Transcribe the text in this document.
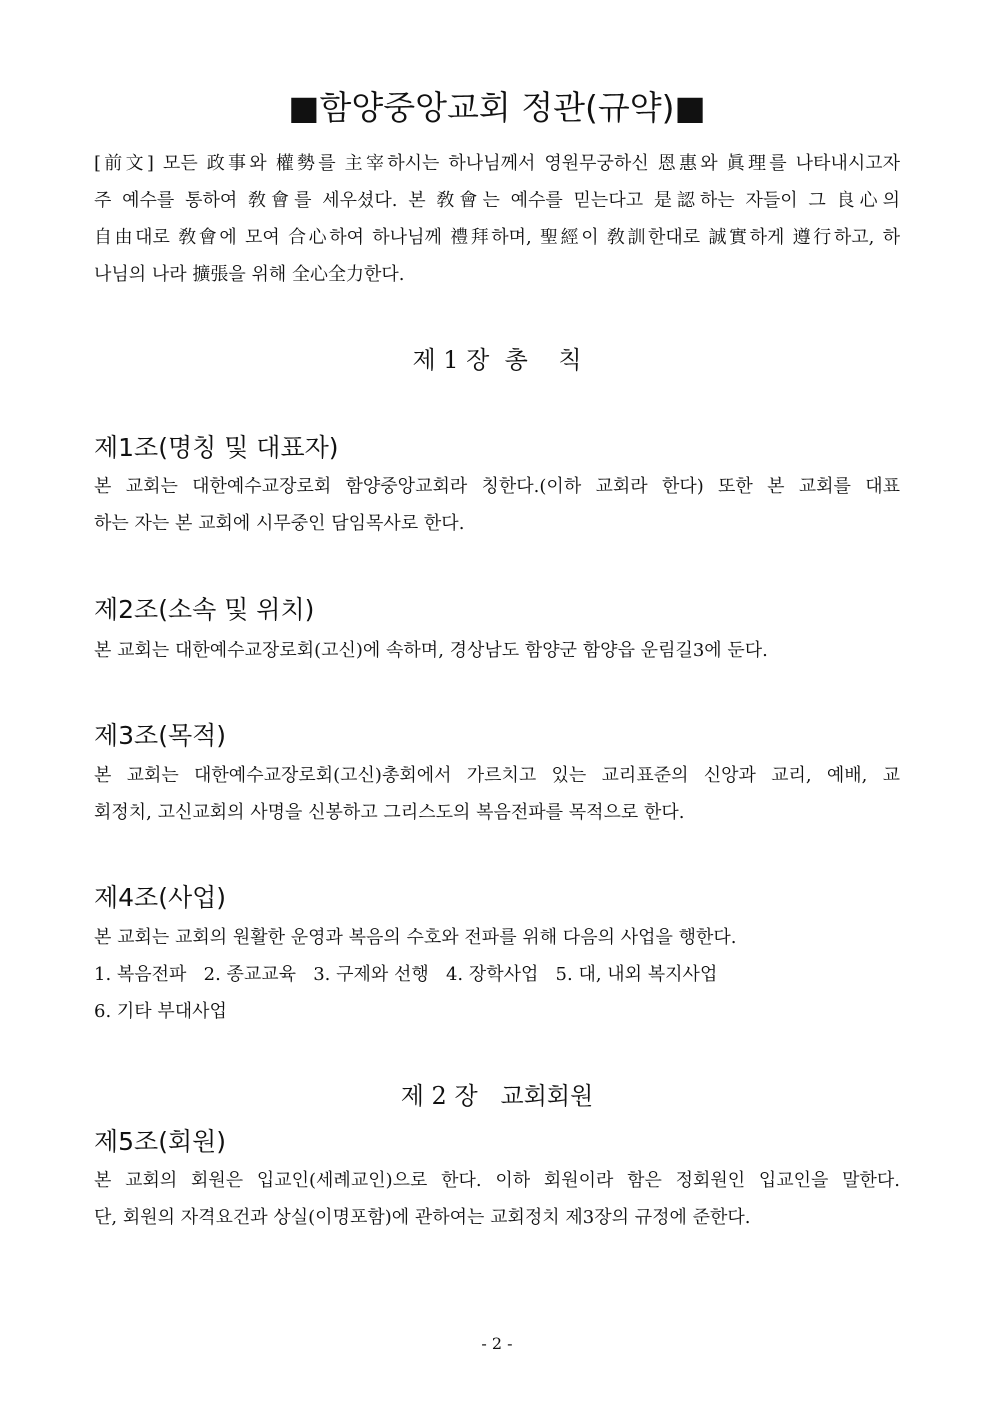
■함양중앙교회 정관(규약)■
[前文] 모든 政事와 權勢를 主宰하시는 하나님께서 영원무궁하신 恩惠와 眞理를 나타내시고자
주 예수를 통하여 敎會를 세우셨다. 본 敎會는 예수를 믿는다고 是認하는 자들이 그 良心의
自由대로 敎會에 모여 合心하여 하나님께 禮拜하며, 聖經이 敎訓한대로 誠實하게 遵行하고, 하
나님의 나라 擴張을 위해 全心全力한다.
제 1 장  총    칙
제1조(명칭 및 대표자)
본 교회는 대한예수교장로회 함양중앙교회라 칭한다.(이하 교회라 한다) 또한 본 교회를 대표
하는 자는 본 교회에 시무중인 담임목사로 한다.
제2조(소속 및 위치)
본 교회는 대한예수교장로회(고신)에 속하며, 경상남도 함양군 함양읍 운림길3에 둔다.
제3조(목적)
본 교회는 대한예수교장로회(고신)총회에서 가르치고 있는 교리표준의 신앙과 교리, 예배, 교
회정치, 고신교회의 사명을 신봉하고 그리스도의 복음전파를 목적으로 한다.
제4조(사업)
본 교회는 교회의 원활한 운영과 복음의 수호와 전파를 위해 다음의 사업을 행한다.
1. 복음전파   2. 종교교육   3. 구제와 선행   4. 장학사업   5. 대, 내외 복지사업
6. 기타 부대사업
제 2 장   교회회원
제5조(회원)
본 교회의 회원은 입교인(세례교인)으로 한다. 이하 회원이라 함은 정회원인 입교인을 말한다.
단, 회원의 자격요건과 상실(이명포함)에 관하여는 교회정치 제3장의 규정에 준한다.
- 2 -
